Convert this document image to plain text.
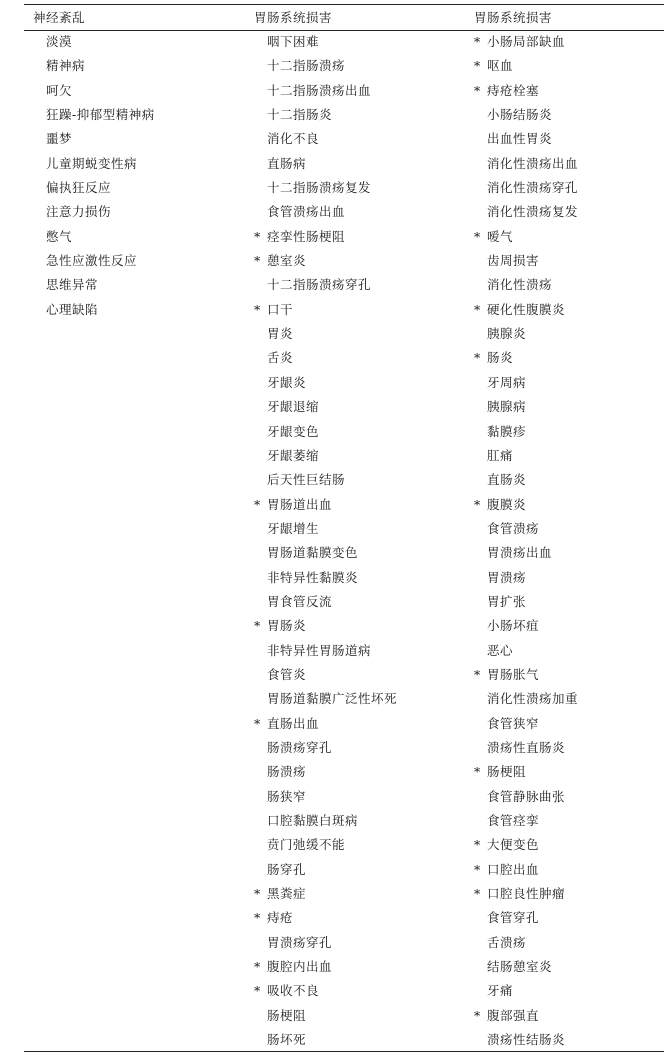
神经紊乱
淡漠
精神病
呵欠
狂躁-抑郁型精神病
噩梦
儿童期蜕变性病
偏执狂反应
注意力损伤
憋气
急性应激性反应
思维异常
心理缺陷
胃肠系统损害
咽下困难
十二指肠溃疡
十二指肠溃疡出血
十二指肠炎
消化不良
直肠病
十二指肠溃疡复发
食管溃疡出血
* 痉挛性肠梗阻
* 憩室炎
十二指肠溃疡穿孔
* 口干
胃炎
舌炎
牙龈炎
牙龈退缩
牙龈变色
牙龈萎缩
后天性巨结肠
* 胃肠道出血
牙龈增生
胃肠道黏膜变色
非特异性黏膜炎
胃食管反流
* 胃肠炎
非特异性胃肠道病
食管炎
胃肠道黏膜广泛性坏死
* 直肠出血
肠溃疡穿孔
肠溃疡
肠狭窄
口腔黏膜白斑病
贲门弛缓不能
肠穿孔
* 黑粪症
* 痔疮
胃溃疡穿孔
* 腹腔内出血
* 吸收不良
肠梗阻
肠坏死
胃肠系统损害
* 小肠局部缺血
* 呕血
* 痔疮栓塞
小肠结肠炎
出血性胃炎
消化性溃疡出血
消化性溃疡穿孔
消化性溃疡复发
* 嗳气
齿周损害
消化性溃疡
* 硬化性腹膜炎
胰腺炎
* 肠炎
牙周病
胰腺病
黏膜疹
肛痛
直肠炎
* 腹膜炎
食管溃疡
胃溃疡出血
胃溃疡
胃扩张
小肠坏疽
恶心
* 胃肠胀气
消化性溃疡加重
食管狭窄
溃疡性直肠炎
* 肠梗阻
食管静脉曲张
食管痉挛
* 大便变色
* 口腔出血
* 口腔良性肿瘤
食管穿孔
舌溃疡
结肠憩室炎
牙痛
* 腹部强直
溃疡性结肠炎
